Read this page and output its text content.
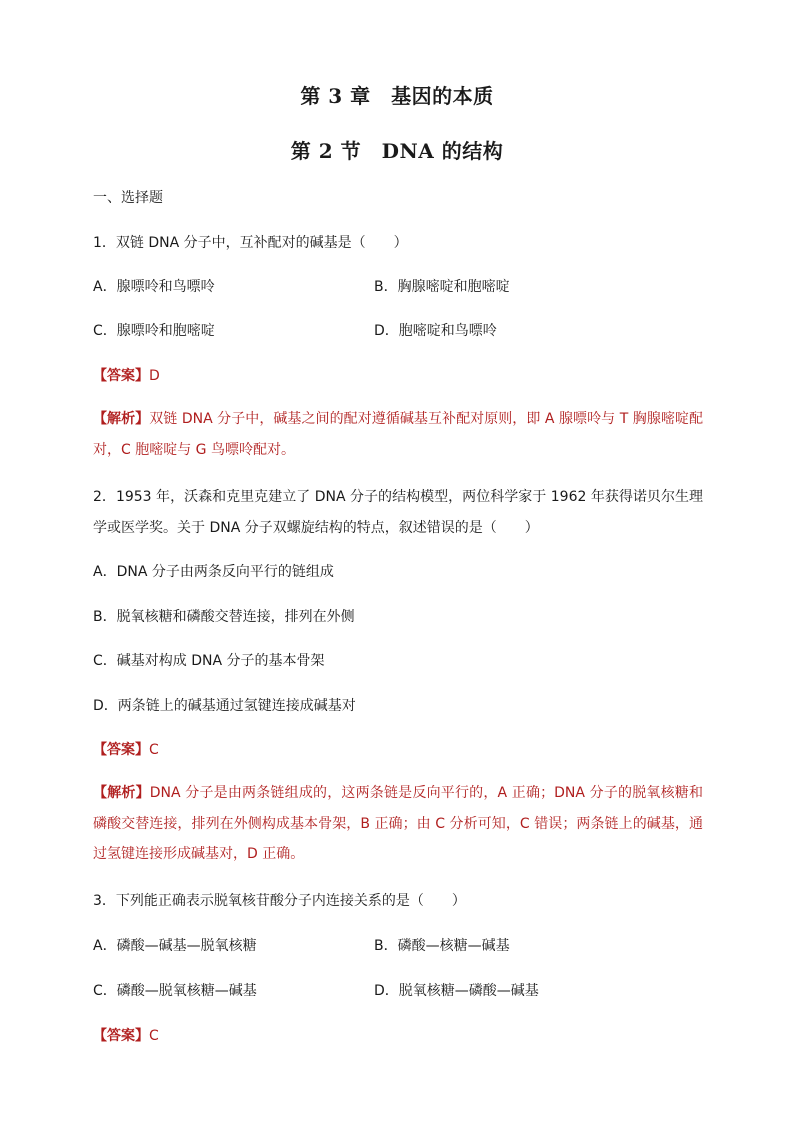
第 3 章　基因的本质
第 2 节　DNA 的结构
一、选择题
1．双链 DNA 分子中，互补配对的碱基是（　　）
A．腺嘌呤和鸟嘌呤	B．胸腺嘧啶和胞嘧啶
C．腺嘌呤和胞嘧啶	D．胞嘧啶和鸟嘌呤
【答案】D
【解析】双链 DNA 分子中，碱基之间的配对遵循碱基互补配对原则，即 A 腺嘌呤与 T 胸腺嘧啶配对，C 胞嘧啶与 G 鸟嘌呤配对。
2．1953 年，沃森和克里克建立了 DNA 分子的结构模型，两位科学家于 1962 年获得诺贝尔生理学或医学奖。关于 DNA 分子双螺旋结构的特点，叙述错误的是（　　）
A．DNA 分子由两条反向平行的链组成
B．脱氧核糖和磷酸交替连接，排列在外侧
C．碱基对构成 DNA 分子的基本骨架
D．两条链上的碱基通过氢键连接成碱基对
【答案】C
【解析】DNA 分子是由两条链组成的，这两条链是反向平行的，A 正确；DNA 分子的脱氧核糖和磷酸交替连接，排列在外侧构成基本骨架，B 正确；由 C 分析可知，C 错误；两条链上的碱基，通过氢键连接形成碱基对，D 正确。
3．下列能正确表示脱氧核苷酸分子内连接关系的是（　　）
A．磷酸—碱基—脱氧核糖	B．磷酸—核糖—碱基
C．磷酸—脱氧核糖—碱基	D．脱氧核糖—磷酸—碱基
【答案】C
